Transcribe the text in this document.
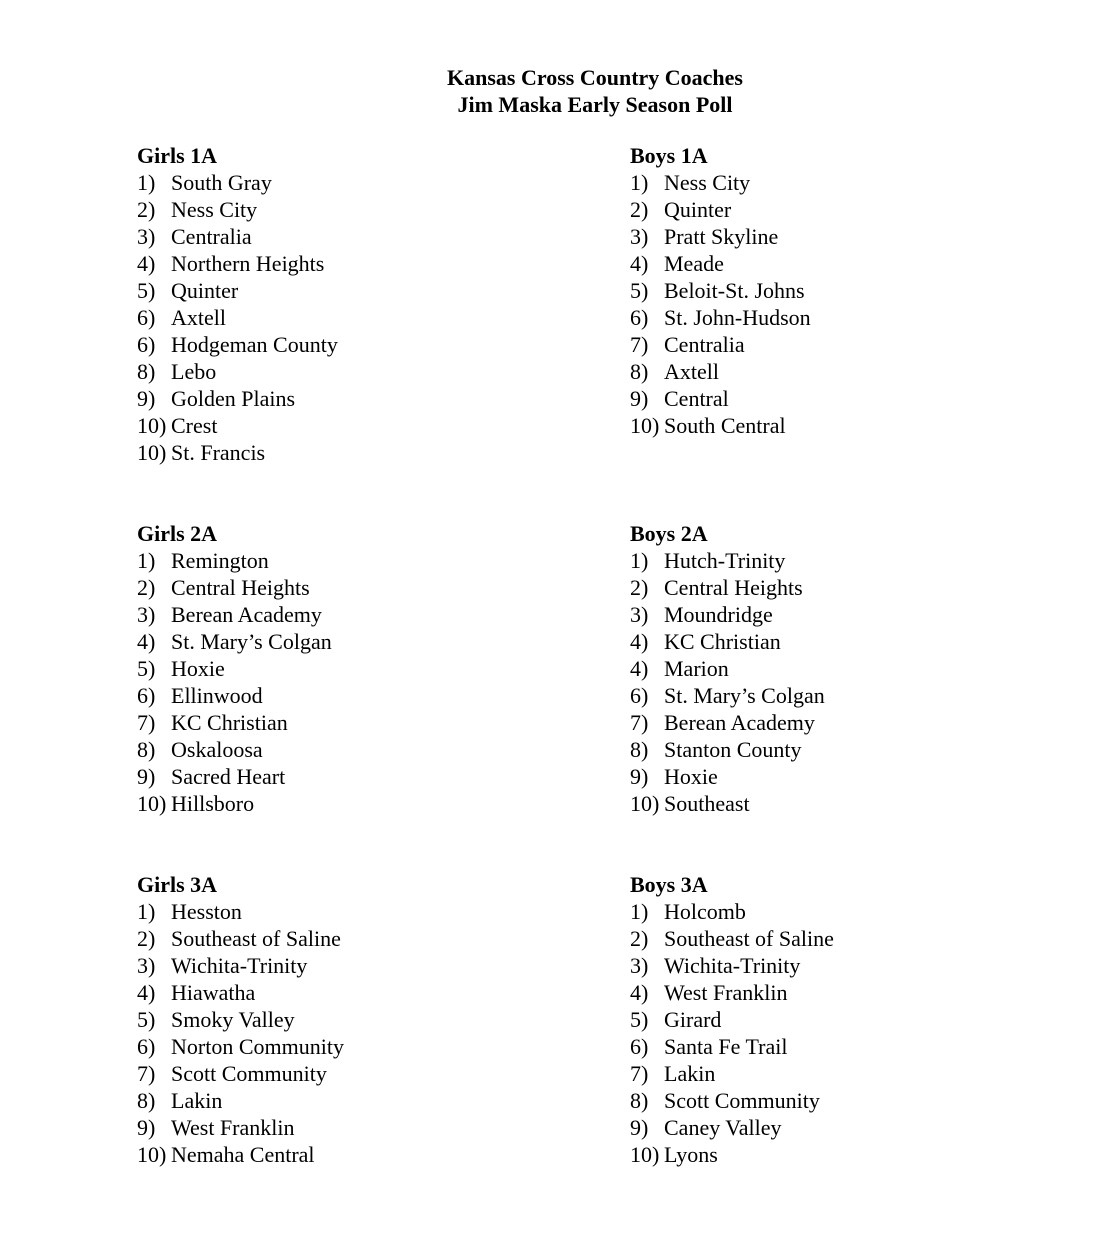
Kansas Cross Country Coaches
Jim Maska Early Season Poll
Girls 1A
1) South Gray
2) Ness City
3) Centralia
4) Northern Heights
5) Quinter
6) Axtell
6) Hodgeman County
8) Lebo
9) Golden Plains
10) Crest
10) St. Francis
Boys 1A
1) Ness City
2) Quinter
3) Pratt Skyline
4) Meade
5) Beloit-St. Johns
6) St. John-Hudson
7) Centralia
8) Axtell
9) Central
10) South Central
Girls 2A
1) Remington
2) Central Heights
3) Berean Academy
4) St. Mary’s Colgan
5) Hoxie
6) Ellinwood
7) KC Christian
8) Oskaloosa
9) Sacred Heart
10) Hillsboro
Boys 2A
1) Hutch-Trinity
2) Central Heights
3) Moundridge
4) KC Christian
4) Marion
6) St. Mary’s Colgan
7) Berean Academy
8) Stanton County
9) Hoxie
10) Southeast
Girls 3A
1) Hesston
2) Southeast of Saline
3) Wichita-Trinity
4) Hiawatha
5) Smoky Valley
6) Norton Community
7) Scott Community
8) Lakin
9) West Franklin
10) Nemaha Central
Boys 3A
1) Holcomb
2) Southeast of Saline
3) Wichita-Trinity
4) West Franklin
5) Girard
6) Santa Fe Trail
7) Lakin
8) Scott Community
9) Caney Valley
10) Lyons
